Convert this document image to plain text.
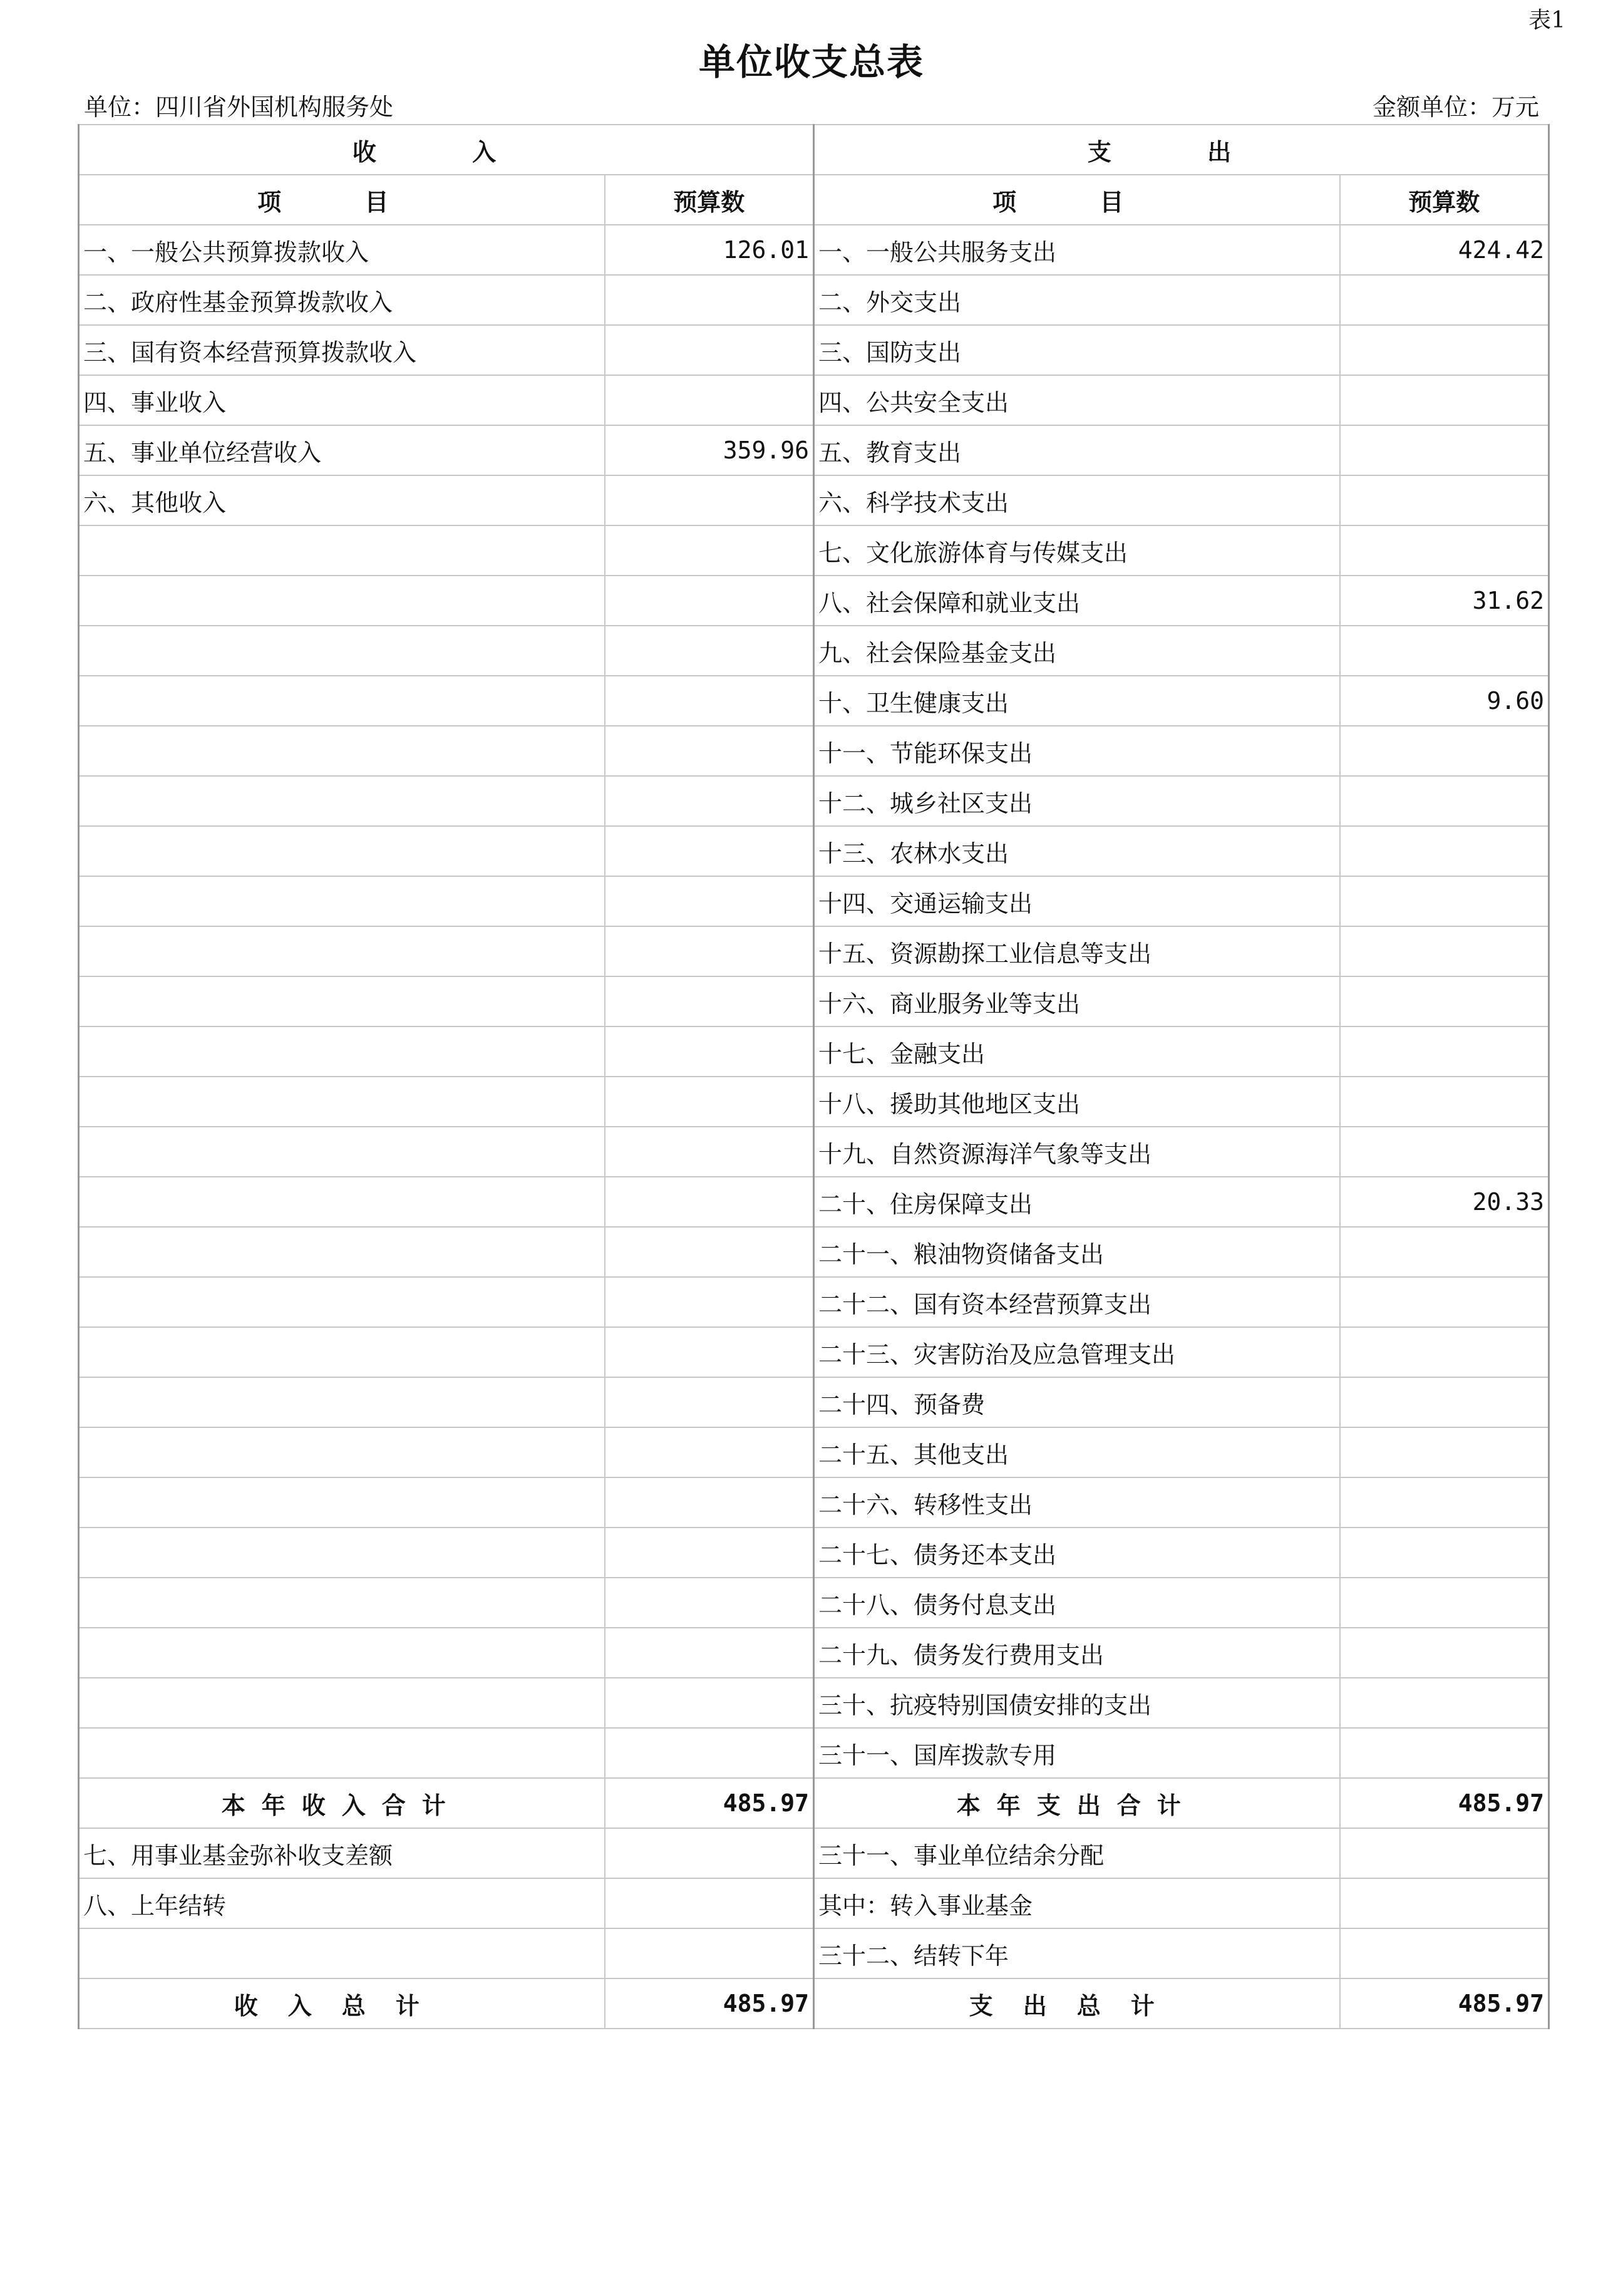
表1
单位收支总表
单位：四川省外国机构服务处	金额单位：万元
收 入		支 出	
项 目	预算数	项 目	预算数
一、一般公共预算拨款收入	126.01	一、一般公共服务支出	424.42
二、政府性基金预算拨款收入		二、外交支出	
三、国有资本经营预算拨款收入		三、国防支出	
四、事业收入		四、公共安全支出	
五、事业单位经营收入	359.96	五、教育支出	
六、其他收入		六、科学技术支出	
		七、文化旅游体育与传媒支出	
		八、社会保障和就业支出	31.62
		九、社会保险基金支出	
		十、卫生健康支出	9.60
		十一、节能环保支出	
		十二、城乡社区支出	
		十三、农林水支出	
		十四、交通运输支出	
		十五、资源勘探工业信息等支出	
		十六、商业服务业等支出	
		十七、金融支出	
		十八、援助其他地区支出	
		十九、自然资源海洋气象等支出	
		二十、住房保障支出	20.33
		二十一、粮油物资储备支出	
		二十二、国有资本经营预算支出	
		二十三、灾害防治及应急管理支出	
		二十四、预备费	
		二十五、其他支出	
		二十六、转移性支出	
		二十七、债务还本支出	
		二十八、债务付息支出	
		二十九、债务发行费用支出	
		三十、抗疫特别国债安排的支出	
		三十一、国库拨款专用	
本年收入合计	485.97	本年支出合计	485.97
七、用事业基金弥补收支差额		三十一、事业单位结余分配	
八、上年结转		其中：转入事业基金	
		三十二、结转下年	
收入总计	485.97	支出总计	485.97
